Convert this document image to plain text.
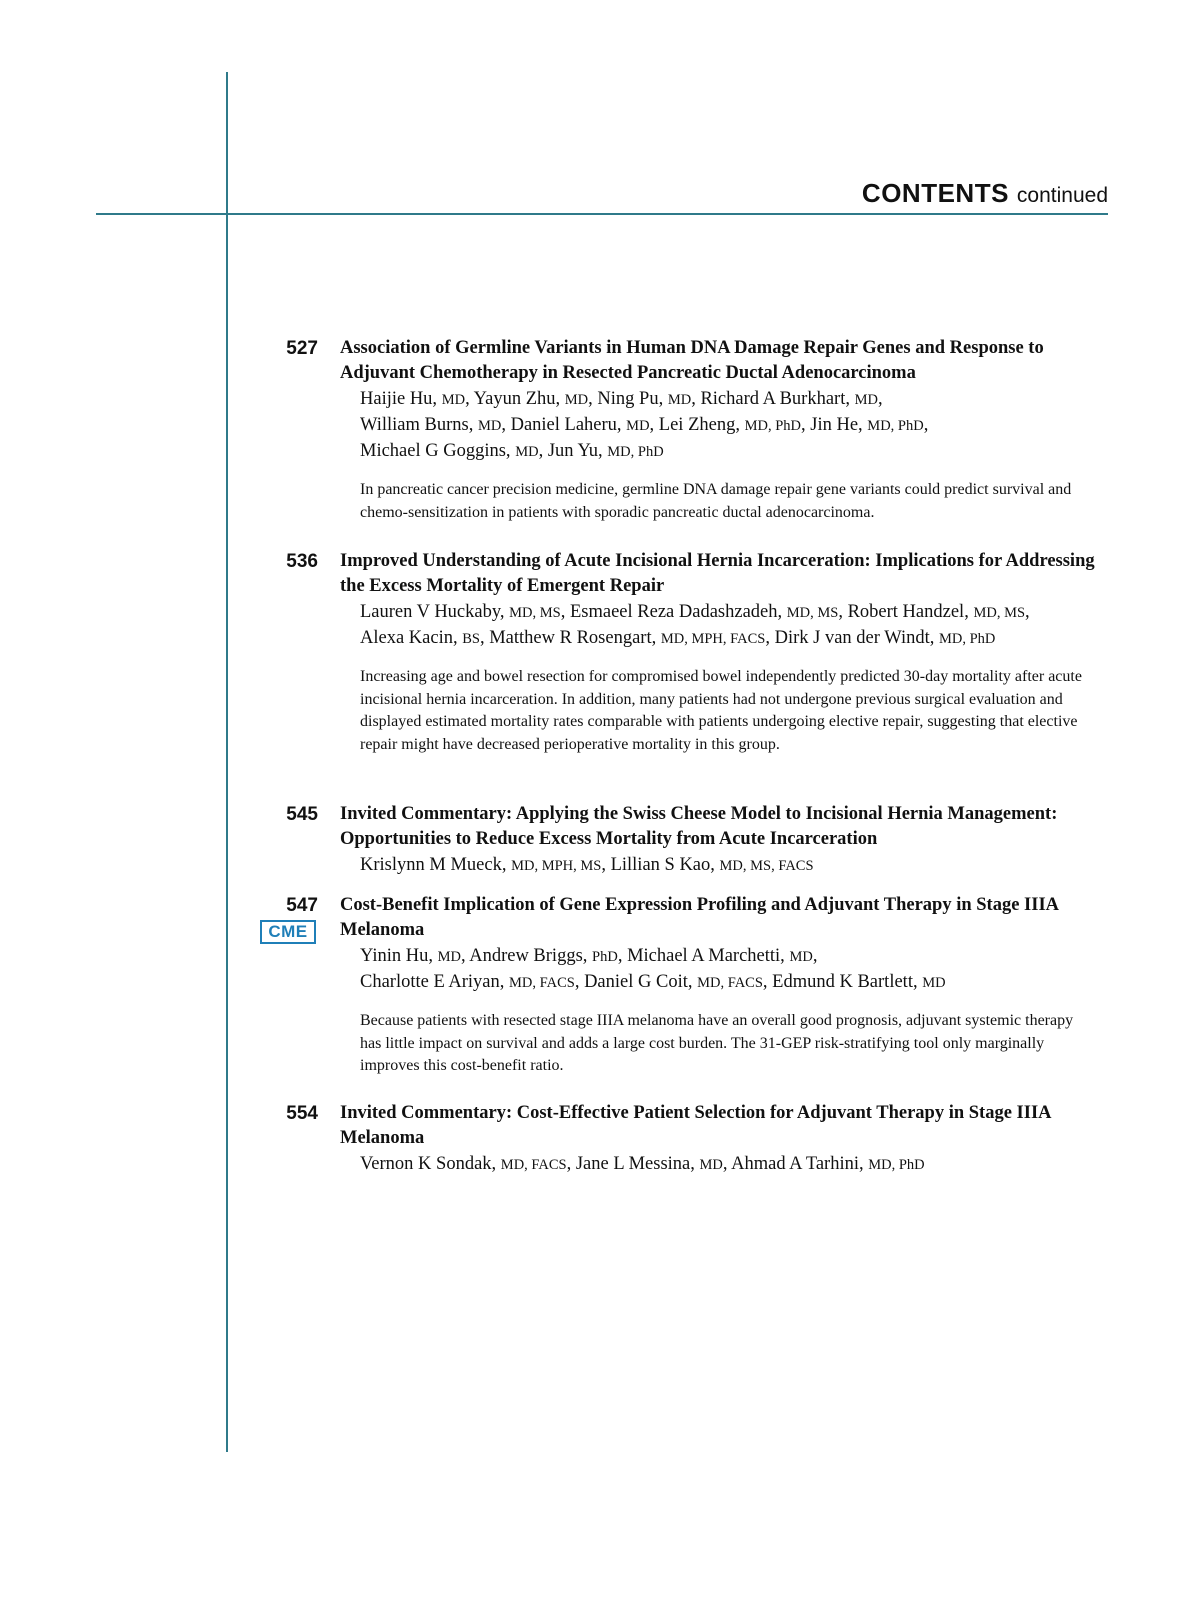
CONTENTS continued
527 Association of Germline Variants in Human DNA Damage Repair Genes and Response to Adjuvant Chemotherapy in Resected Pancreatic Ductal Adenocarcinoma
Haijie Hu, MD, Yayun Zhu, MD, Ning Pu, MD, Richard A Burkhart, MD,
William Burns, MD, Daniel Laheru, MD, Lei Zheng, MD, PhD, Jin He, MD, PhD,
Michael G Goggins, MD, Jun Yu, MD, PhD
In pancreatic cancer precision medicine, germline DNA damage repair gene variants could predict survival and chemo-sensitization in patients with sporadic pancreatic ductal adenocarcinoma.
536 Improved Understanding of Acute Incisional Hernia Incarceration: Implications for Addressing the Excess Mortality of Emergent Repair
Lauren V Huckaby, MD, MS, Esmaeel Reza Dadashzadeh, MD, MS, Robert Handzel, MD, MS,
Alexa Kacin, BS, Matthew R Rosengart, MD, MPH, FACS, Dirk J van der Windt, MD, PhD
Increasing age and bowel resection for compromised bowel independently predicted 30-day mortality after acute incisional hernia incarceration. In addition, many patients had not undergone previous surgical evaluation and displayed estimated mortality rates comparable with patients undergoing elective repair, suggesting that elective repair might have decreased perioperative mortality in this group.
545 Invited Commentary: Applying the Swiss Cheese Model to Incisional Hernia Management: Opportunities to Reduce Excess Mortality from Acute Incarceration
Krislynn M Mueck, MD, MPH, MS, Lillian S Kao, MD, MS, FACS
547
CME
Cost-Benefit Implication of Gene Expression Profiling and Adjuvant Therapy in Stage IIIA Melanoma
Yinin Hu, MD, Andrew Briggs, PhD, Michael A Marchetti, MD,
Charlotte E Ariyan, MD, FACS, Daniel G Coit, MD, FACS, Edmund K Bartlett, MD
Because patients with resected stage IIIA melanoma have an overall good prognosis, adjuvant systemic therapy has little impact on survival and adds a large cost burden. The 31-GEP risk-stratifying tool only marginally improves this cost-benefit ratio.
554 Invited Commentary: Cost-Effective Patient Selection for Adjuvant Therapy in Stage IIIA Melanoma
Vernon K Sondak, MD, FACS, Jane L Messina, MD, Ahmad A Tarhini, MD, PhD
